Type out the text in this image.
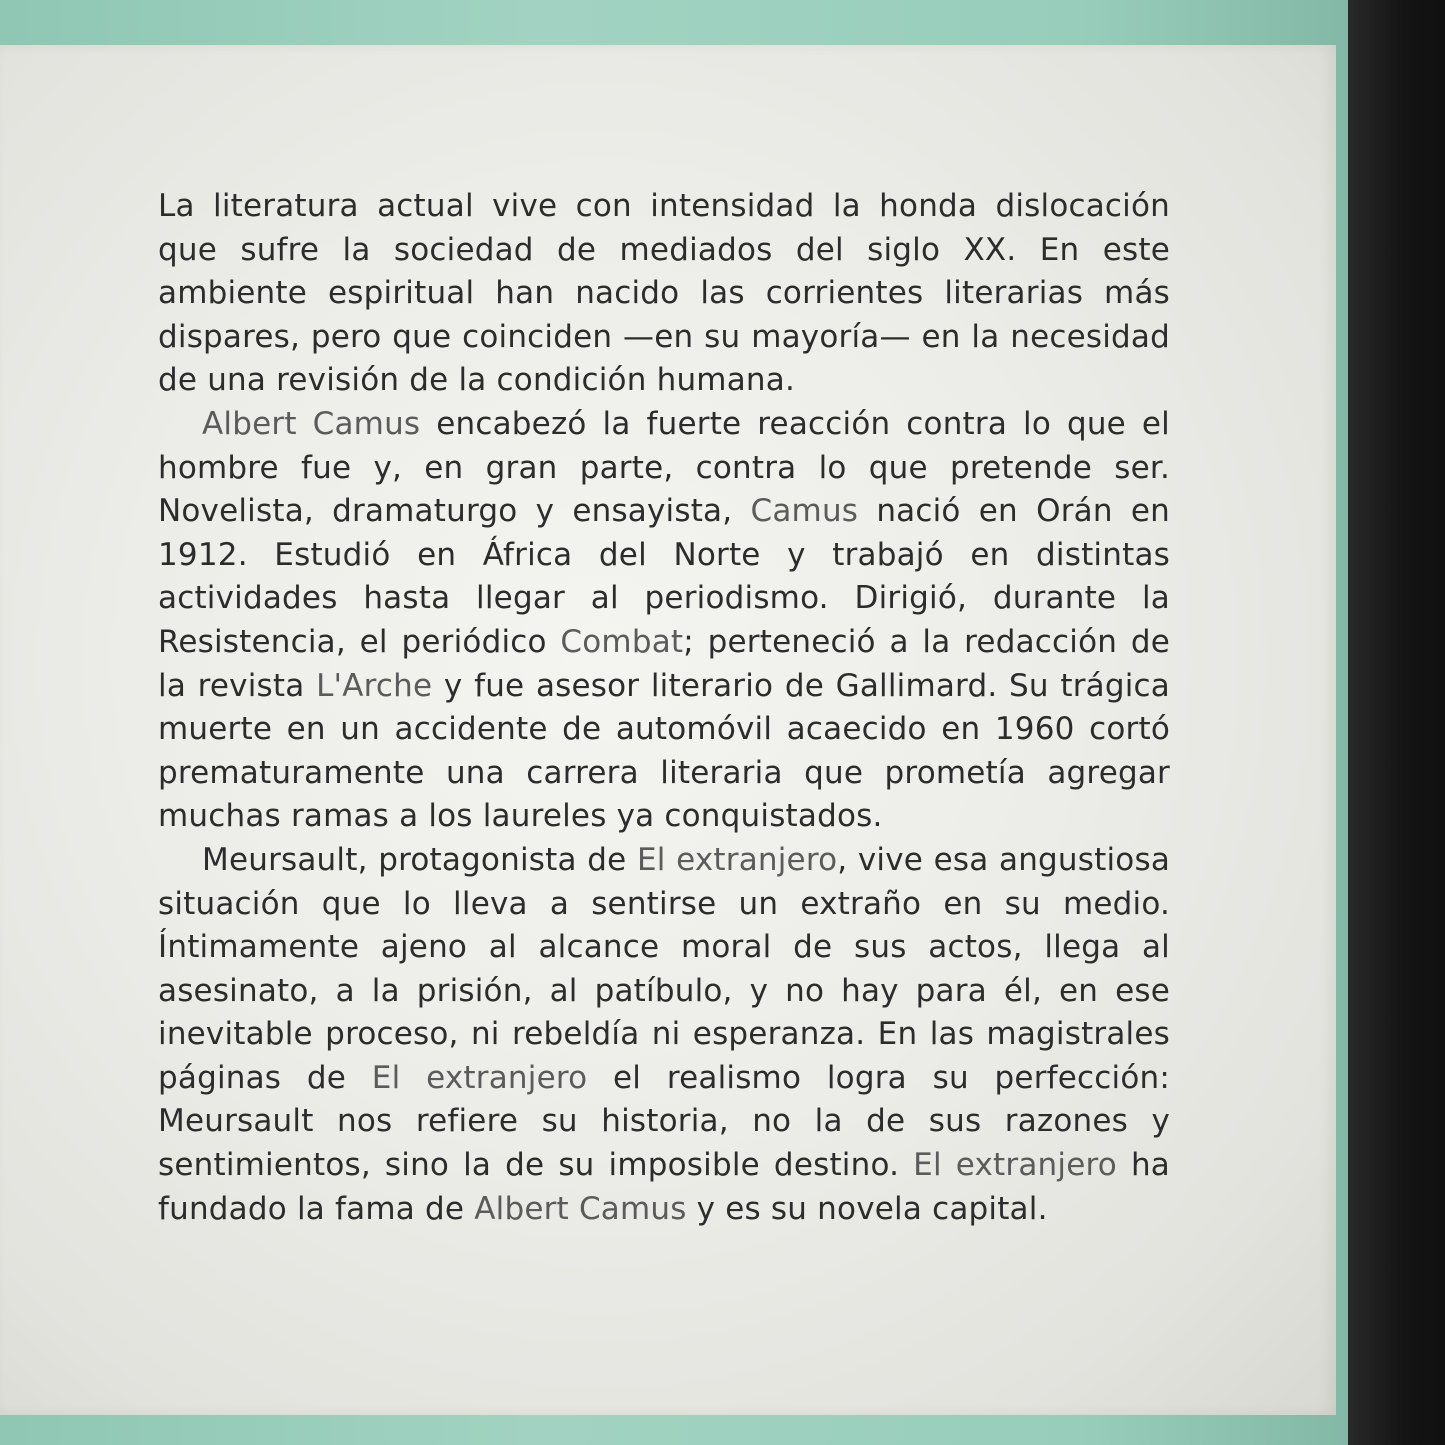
La literatura actual vive con intensidad la honda dislocación que sufre la sociedad de mediados del siglo XX. En este ambiente espiritual han nacido las corrientes literarias más dispares, pero que coinciden —en su mayoría— en la necesidad de una revisión de la condición humana.

Albert Camus encabezó la fuerte reacción contra lo que el hombre fue y, en gran parte, contra lo que pretende ser. Novelista, dramaturgo y ensayista, Camus nació en Orán en 1912. Estudió en África del Norte y trabajó en distintas actividades hasta llegar al periodismo. Dirigió, durante la Resistencia, el periódico Combat; perteneció a la redacción de la revista L'Arche y fue asesor literario de Gallimard. Su trágica muerte en un accidente de automóvil acaecido en 1960 cortó prematuramente una carrera literaria que prometía agregar muchas ramas a los laureles ya conquistados.

Meursault, protagonista de El extranjero, vive esa angustiosa situación que lo lleva a sentirse un extraño en su medio. Íntimamente ajeno al alcance moral de sus actos, llega al asesinato, a la prisión, al patíbulo, y no hay para él, en ese inevitable proceso, ni rebeldía ni esperanza. En las magistrales páginas de El extranjero el realismo logra su perfección: Meursault nos refiere su historia, no la de sus razones y sentimientos, sino la de su imposible destino. El extranjero ha fundado la fama de Albert Camus y es su novela capital.
